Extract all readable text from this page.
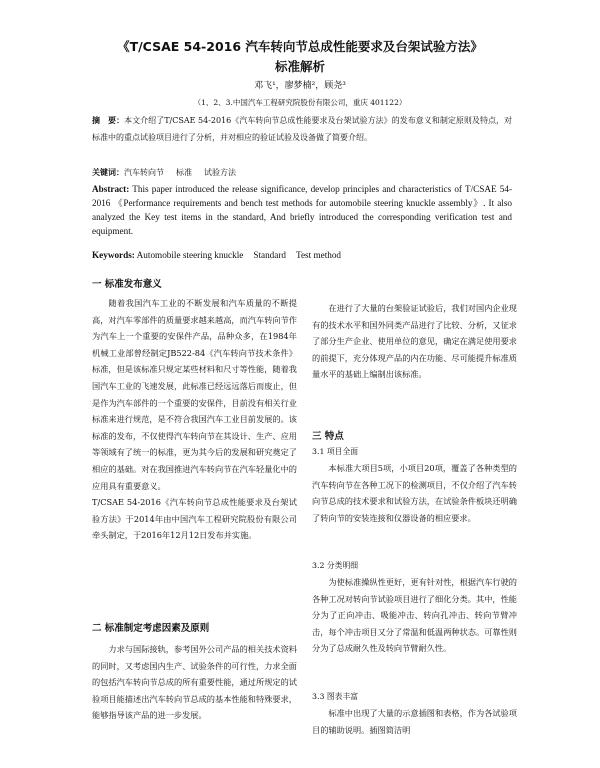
《T/CSAE 54-2016 汽车转向节总成性能要求及台架试验方法》
标准解析
邓飞¹，廖梦楠²，顾尧³
（1、2、3.中国汽车工程研究院股份有限公司，重庆 401122）
摘　要：本文介绍了T/CSAE 54-2016《汽车转向节总成性能要求及台架试验方法》的发布意义和制定原则及特点，对标准中的重点试验项目进行了分析，并对相应的验证试验及设备做了简要介绍。
关键词：汽车转向节 标准 试验方法
Abstract: This paper introduced the release significance, develop principles and characteristics of T/CSAE 54-2016 《Performance requirements and bench test methods for automobile steering knuckle assembly》. It also analyzed the Key test items in the standard, And briefly introduced the corresponding verification test and equipment.
Keywords: Automobile steering knuckle Standard Test method
一 标准发布意义

随着我国汽车工业的不断发展和汽车质量的不断提高，对汽车零部件的质量要求越来越高，而汽车转向节作为汽车上一个重要的安保件产品，品种众多，在1984年机械工业部曾经制定JB522-84《汽车转向节技术条件》标准，但是该标准只规定某些材料和尺寸等性能，随着我国汽车工业的飞速发展，此标准已经远远落后而废止，但是作为汽车部件的一个重要的安保件，目前没有相关行业标准来进行规范，是不符合我国汽车工业目前发展的。该标准的发布，不仅使得汽车转向节在其设计、生产、应用等领域有了统一的标准，更为其今后的发展和研究奠定了相应的基础。对在我国推进汽车转向节在汽车轻量化中的应用具有重要意义。

T/CSAE 54-2016《汽车转向节总成性能要求及台架试验方法》于2014年由中国汽车工程研究院股份有限公司牵头制定，于2016年12月12日发布并实施。

二 标准制定考虑因素及原则

力求与国际接轨，参考国外公司产品的相关技术资料的同时，又考虑国内生产、试验条件的可行性，力求全面的包括汽车转向节总成的所有重要性能，通过所规定的试验项目能描述出汽车转向节总成的基本性能和特殊要求，能够指导该产品的进一步发展。

在进行了大量的台架验证试验后，我们对国内企业现有的技术水平和国外同类产品进行了比较、分析，又征求了部分生产企业、使用单位的意见，确定在满足使用要求的前提下，充分体现产品的内在功能、尽可能提升标准质量水平的基础上编制出该标准。

三 特点
3.1 项目全面

本标准大项目5项，小项目20项，覆盖了各种类型的汽车转向节在各种工况下的检测项目，不仅介绍了汽车转向节总成的技术要求和试验方法，在试验条件板块还明确了转向节的安装连接和仪器设备的相应要求。

3.2 分类明细

为使标准操纵性更好，更有针对性，根据汽车行驶的各种工况对转向节试验项目进行了细化分类。其中，性能分为了正向冲击、吸能冲击、转向孔冲击、转向节臂冲击，每个冲击项目又分了常温和低温两种状态。可靠性则分为了总成耐久性及转向节臂耐久性。

3.3 图表丰富

标准中出现了大量的示意插图和表格，作为各试验项目的辅助说明。插图简洁明
